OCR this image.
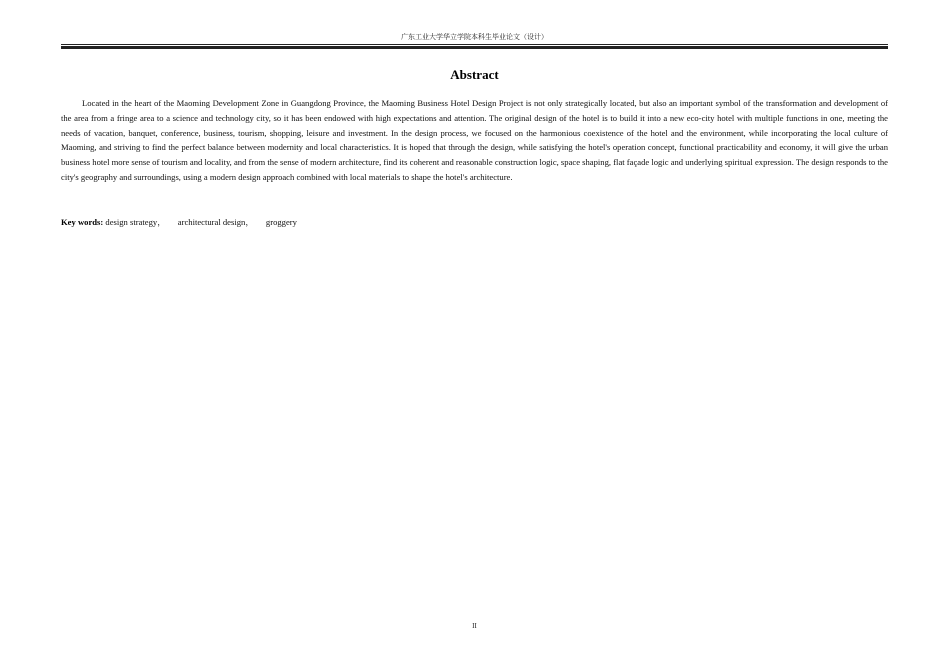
广东工业大学华立学院本科生毕业论文（设计）
Abstract

Located in the heart of the Maoming Development Zone in Guangdong Province, the Maoming Business Hotel Design Project is not only strategically located, but also an important symbol of the transformation and development of the area from a fringe area to a science and technology city, so it has been endowed with high expectations and attention. The original design of the hotel is to build it into a new eco-city hotel with multiple functions in one, meeting the needs of vacation, banquet, conference, business, tourism, shopping, leisure and investment. In the design process, we focused on the harmonious coexistence of the hotel and the environment, while incorporating the local culture of Maoming, and striving to find the perfect balance between modernity and local characteristics. It is hoped that through the design, while satisfying the hotel's operation concept, functional practicability and economy, it will give the urban business hotel more sense of tourism and locality, and from the sense of modern architecture, find its coherent and reasonable construction logic, space shaping, flat façade logic and underlying spiritual expression. The design responds to the city's geography and surroundings, using a modern design approach combined with local materials to shape the hotel's architecture.

Key words: design strategy， architectural design， groggery
II
